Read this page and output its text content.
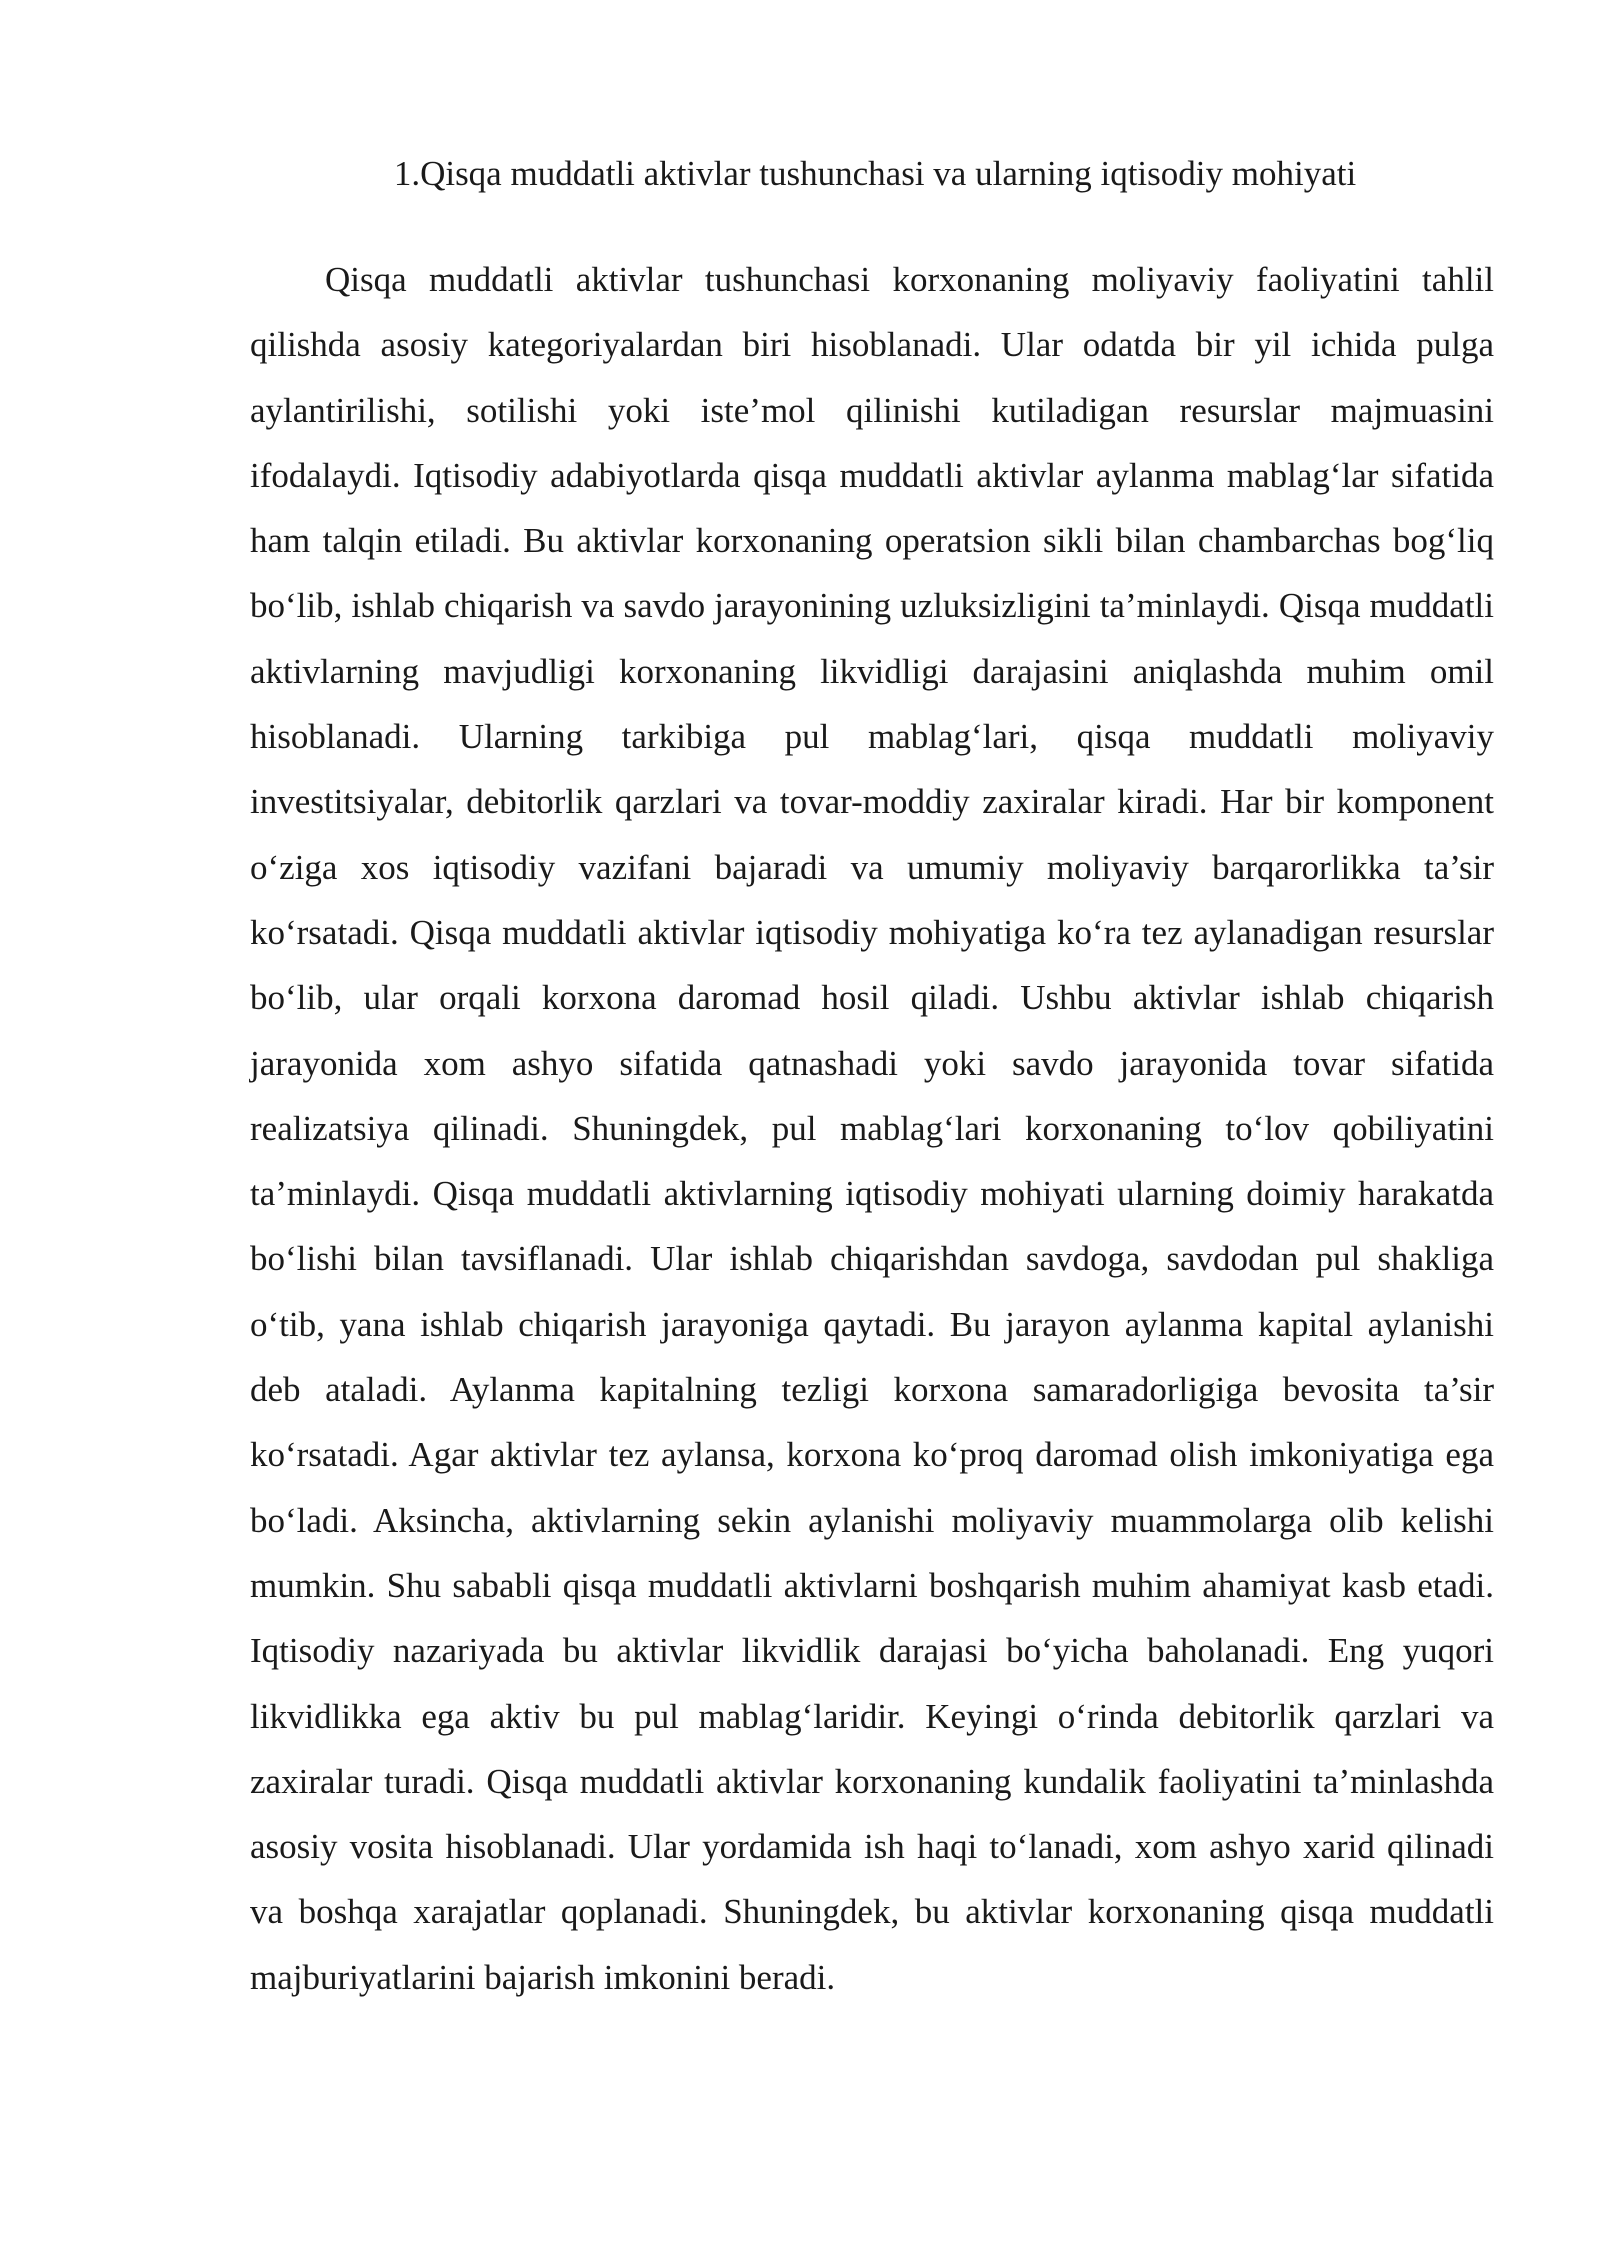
1.Qisqa muddatli aktivlar tushunchasi va ularning iqtisodiy mohiyati

Qisqa muddatli aktivlar tushunchasi korxonaning moliyaviy faoliyatini tahlil qilishda asosiy kategoriyalardan biri hisoblanadi. Ular odatda bir yil ichida pulga aylantirilishi, sotilishi yoki iste’mol qilinishi kutiladigan resurslar majmuasini ifodalaydi. Iqtisodiy adabiyotlarda qisqa muddatli aktivlar aylanma mablag‘lar sifatida ham talqin etiladi. Bu aktivlar korxonaning operatsion sikli bilan chambarchas bog‘liq bo‘lib, ishlab chiqarish va savdo jarayonining uzluksizligini ta’minlaydi. Qisqa muddatli aktivlarning mavjudligi korxonaning likvidligi darajasini aniqlashda muhim omil hisoblanadi. Ularning tarkibiga pul mablag‘lari, qisqa muddatli moliyaviy investitsiyalar, debitorlik qarzlari va tovar-moddiy zaxiralar kiradi. Har bir komponent o‘ziga xos iqtisodiy vazifani bajaradi va umumiy moliyaviy barqarorlikka ta’sir ko‘rsatadi. Qisqa muddatli aktivlar iqtisodiy mohiyatiga ko‘ra tez aylanadigan resurslar bo‘lib, ular orqali korxona daromad hosil qiladi. Ushbu aktivlar ishlab chiqarish jarayonida xom ashyo sifatida qatnashadi yoki savdo jarayonida tovar sifatida realizatsiya qilinadi. Shuningdek, pul mablag‘lari korxonaning to‘lov qobiliyatini ta’minlaydi. Qisqa muddatli aktivlarning iqtisodiy mohiyati ularning doimiy harakatda bo‘lishi bilan tavsiflanadi. Ular ishlab chiqarishdan savdoga, savdodan pul shakliga o‘tib, yana ishlab chiqarish jarayoniga qaytadi. Bu jarayon aylanma kapital aylanishi deb ataladi. Aylanma kapitalning tezligi korxona samaradorligiga bevosita ta’sir ko‘rsatadi. Agar aktivlar tez aylansa, korxona ko‘proq daromad olish imkoniyatiga ega bo‘ladi. Aksincha, aktivlarning sekin aylanishi moliyaviy muammolarga olib kelishi mumkin. Shu sababli qisqa muddatli aktivlarni boshqarish muhim ahamiyat kasb etadi. Iqtisodiy nazariyada bu aktivlar likvidlik darajasi bo‘yicha baholanadi. Eng yuqori likvidlikka ega aktiv bu pul mablag‘laridir. Keyingi o‘rinda debitorlik qarzlari va zaxiralar turadi. Qisqa muddatli aktivlar korxonaning kundalik faoliyatini ta’minlashda asosiy vosita hisoblanadi. Ular yordamida ish haqi to‘lanadi, xom ashyo xarid qilinadi va boshqa xarajatlar qoplanadi. Shuningdek, bu aktivlar korxonaning qisqa muddatli majburiyatlarini bajarish imkonini beradi.
